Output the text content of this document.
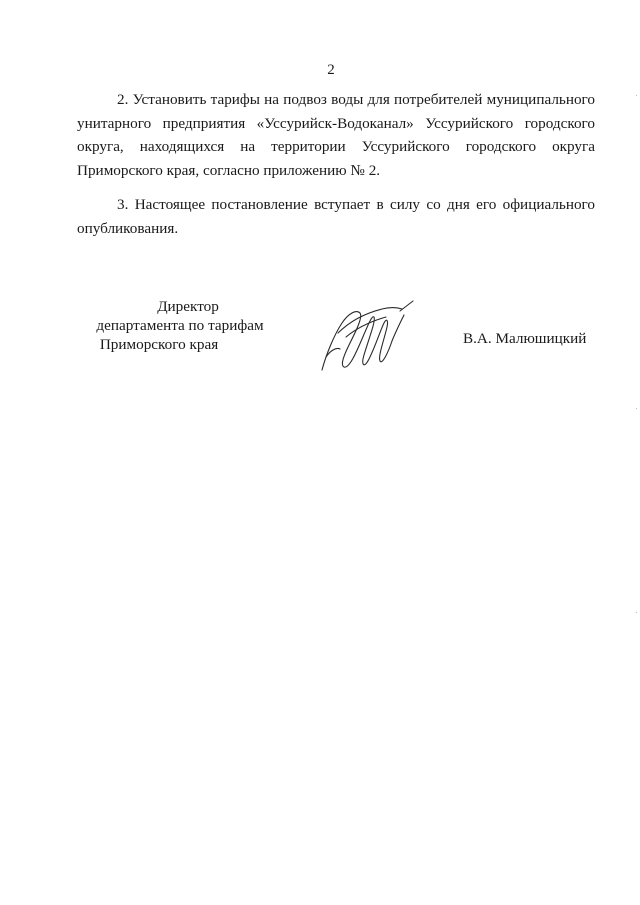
2

2. Установить тарифы на подвоз воды для потребителей муниципального унитарного предприятия «Уссурийск-Водоканал» Уссурийского городского округа, находящихся на территории Уссурийского городского округа Приморского края, согласно приложению № 2.

3. Настоящее постановление вступает в силу со дня его официального опубликования.

Директор
департамента по тарифам
Приморского края	В.А. Малюшицкий
